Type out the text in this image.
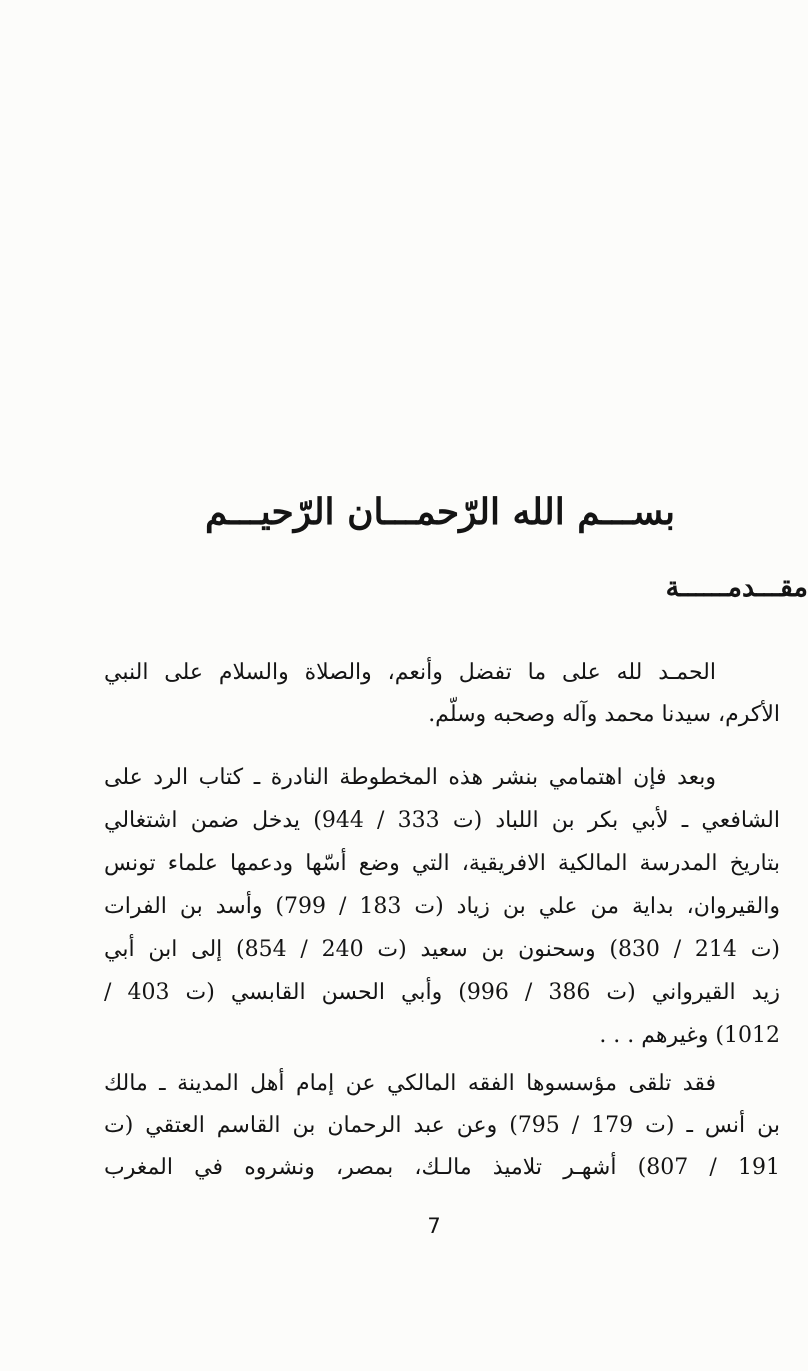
بســـم الله الرّحمـــان الرّحيـــم
مقـــدمــــــة
الحمـد لله على ما تفضل وأنعم، والصلاة والسلام على النبي
الأكرم، سيدنا محمد وآله وصحبه وسلّم.
وبعد فإن اهتمامي بنشر هذه المخطوطة النادرة ـ كتاب الرد على
الشافعي ـ لأبي بكر بن اللباد (ت 333 / 944) يدخل ضمن اشتغالي
بتاريخ المدرسة المالكية الافريقية، التي وضع أسّها ودعمها علماء تونس
والقيروان، بداية من علي بن زياد (ت 183 / 799) وأسد بن الفرات
(ت 214 / 830) وسحنون بن سعيد (ت 240 / 854) إلى ابن أبي
زيد القيرواني (ت 386 / 996) وأبي الحسن القابسي (ت 403 /
1012) وغيرهم . . .
فقد تلقى مؤسسوها الفقه المالكي عن إمام أهل المدينة ـ مالك
بن أنس ـ (ت 179 / 795) وعن عبد الرحمان بن القاسم العتقي (ت
191 / 807) أشهـر تلاميذ مالـك، بمصر، ونشروه في المغرب
7
